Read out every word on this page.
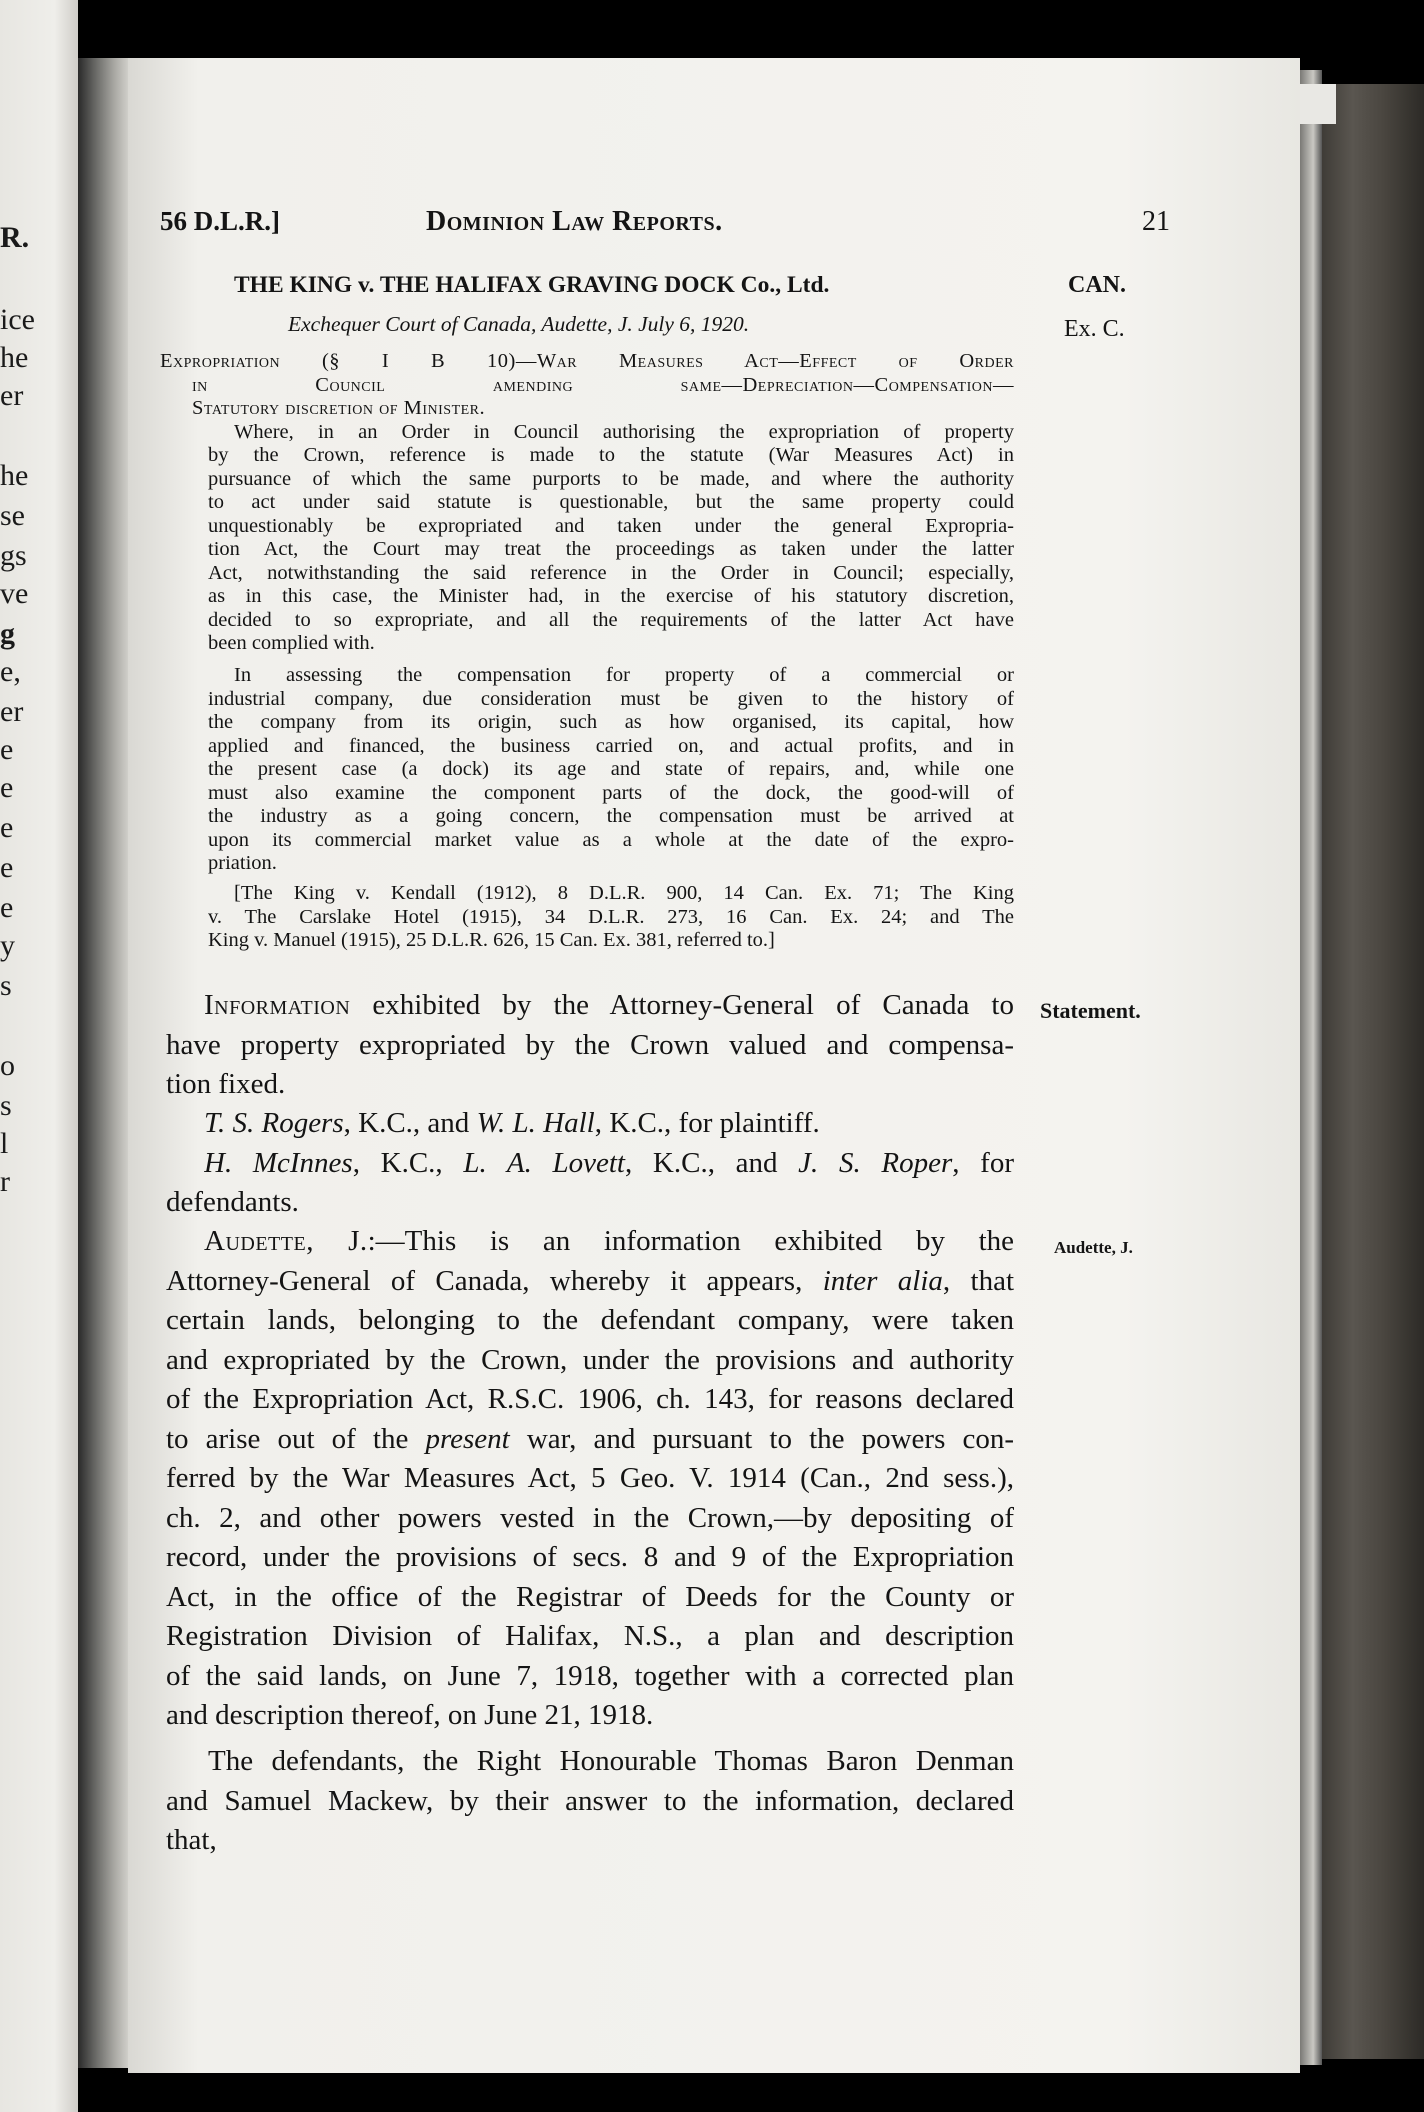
R.
ice
he
er
he
se
gs
ve
g
e,
er
e
e
e
e
e
y
s
o
s
l
r
56 D.L.R.]	Dominion Law Reports.	21
THE KING v. THE HALIFAX GRAVING DOCK Co., Ltd.	CAN.
Exchequer Court of Canada, Audette, J. July 6, 1920.	Ex. C.
Expropriation (§ I B 10)—War Measures Act—Effect of Order
in Council amending same—Depreciation—Compensation—
Statutory discretion of Minister.
Where, in an Order in Council authorising the expropriation of property
by the Crown, reference is made to the statute (War Measures Act) in
pursuance of which the same purports to be made, and where the authority
to act under said statute is questionable, but the same property could
unquestionably be expropriated and taken under the general Expropria-
tion Act, the Court may treat the proceedings as taken under the latter
Act, notwithstanding the said reference in the Order in Council; especially,
as in this case, the Minister had, in the exercise of his statutory discretion,
decided to so expropriate, and all the requirements of the latter Act have
been complied with.
In assessing the compensation for property of a commercial or
industrial company, due consideration must be given to the history of
the company from its origin, such as how organised, its capital, how
applied and financed, the business carried on, and actual profits, and in
the present case (a dock) its age and state of repairs, and, while one
must also examine the component parts of the dock, the good-will of
the industry as a going concern, the compensation must be arrived at
upon its commercial market value as a whole at the date of the expro-
priation.
[The King v. Kendall (1912), 8 D.L.R. 900, 14 Can. Ex. 71; The King
v. The Carslake Hotel (1915), 34 D.L.R. 273, 16 Can. Ex. 24; and The
King v. Manuel (1915), 25 D.L.R. 626, 15 Can. Ex. 381, referred to.]
Statement.
Information exhibited by the Attorney-General of Canada to
have property expropriated by the Crown valued and compensa-
tion fixed.
T. S. Rogers, K.C., and W. L. Hall, K.C., for plaintiff.
H. McInnes, K.C., L. A. Lovett, K.C., and J. S. Roper, for
defendants.
Audette, J.
Audette, J.:—This is an information exhibited by the
Attorney-General of Canada, whereby it appears, inter alia, that
certain lands, belonging to the defendant company, were taken
and expropriated by the Crown, under the provisions and authority
of the Expropriation Act, R.S.C. 1906, ch. 143, for reasons declared
to arise out of the present war, and pursuant to the powers con-
ferred by the War Measures Act, 5 Geo. V. 1914 (Can., 2nd sess.),
ch. 2, and other powers vested in the Crown,—by depositing of
record, under the provisions of secs. 8 and 9 of the Expropriation
Act, in the office of the Registrar of Deeds for the County or
Registration Division of Halifax, N.S., a plan and description
of the said lands, on June 7, 1918, together with a corrected plan
and description thereof, on June 21, 1918.
The defendants, the Right Honourable Thomas Baron Denman
and Samuel Mackew, by their answer to the information, declared
that,
